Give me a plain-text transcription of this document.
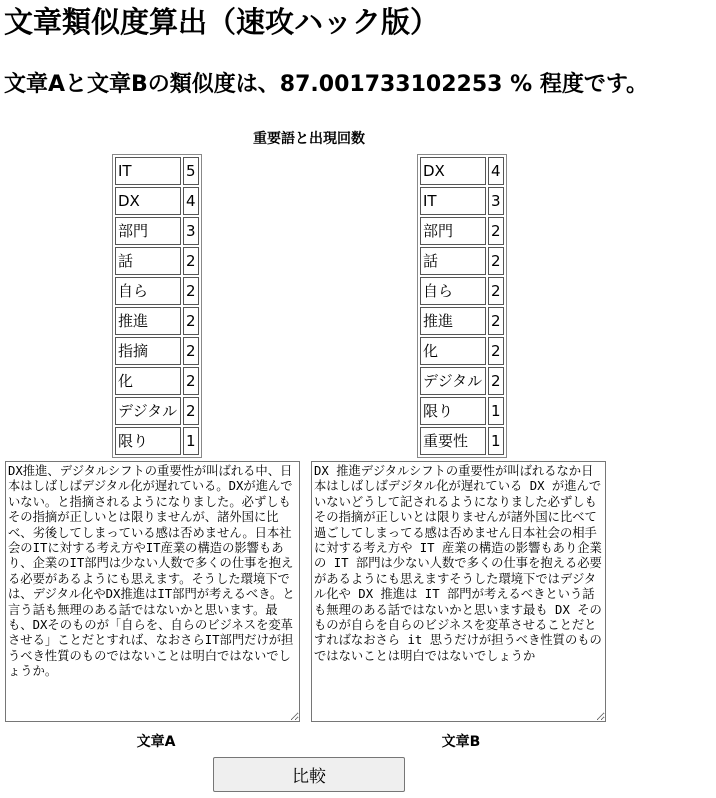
文章類似度算出（速攻ハック版）
文章Aと文章Bの類似度は、87.001733102253 % 程度です。
重要語と出現回数
IT	5
DX	4
部門	3
話	2
自ら	2
推進	2
指摘	2
化	2
デジタル	2
限り	1
DX	4
IT	3
部門	2
話	2
自ら	2
推進	2
化	2
デジタル	2
限り	1
重要性	1
DX推進、デジタルシフトの重要性が叫ばれる中、日本はしばしばデジタル化が遅れている。DXが進んでいない。と指摘されるようになりました。必ずしもその指摘が正しいとは限りませんが、諸外国に比べ、劣後してしまっている感は否めません。日本社会のITに対する考え方やIT産業の構造の影響もあり、企業のIT部門は少ない人数で多くの仕事を抱える必要があるようにも思えます。そうした環境下では、デジタル化やDX推進はIT部門が考えるべき。と言う話も無理のある話ではないかと思います。最も、DXそのものが「自らを、自らのビジネスを変革させる」ことだとすれば、なおさらIT部門だけが担うべき性質のものではないことは明白ではないでしょうか。
DX 推進デジタルシフトの重要性が叫ばれるなか日本はしばしばデジタル化が遅れている DX が進んでいないどうして記されるようになりました必ずしもその指摘が正しいとは限りませんが諸外国に比べて過ごしてしまってる感は否めません日本社会の相手に対する考え方や IT 産業の構造の影響もあり企業の IT 部門は少ない人数で多くの仕事を抱える必要があるようにも思えますそうした環境下ではデジタル化や DX 推進は IT 部門が考えるべきという話も無理のある話ではないかと思います最も DX そのものが自らを自らのビジネスを変革させることだとすればなおさら it 思うだけが担うべき性質のものではないことは明白ではないでしょうか
文章A	文章B
比較
